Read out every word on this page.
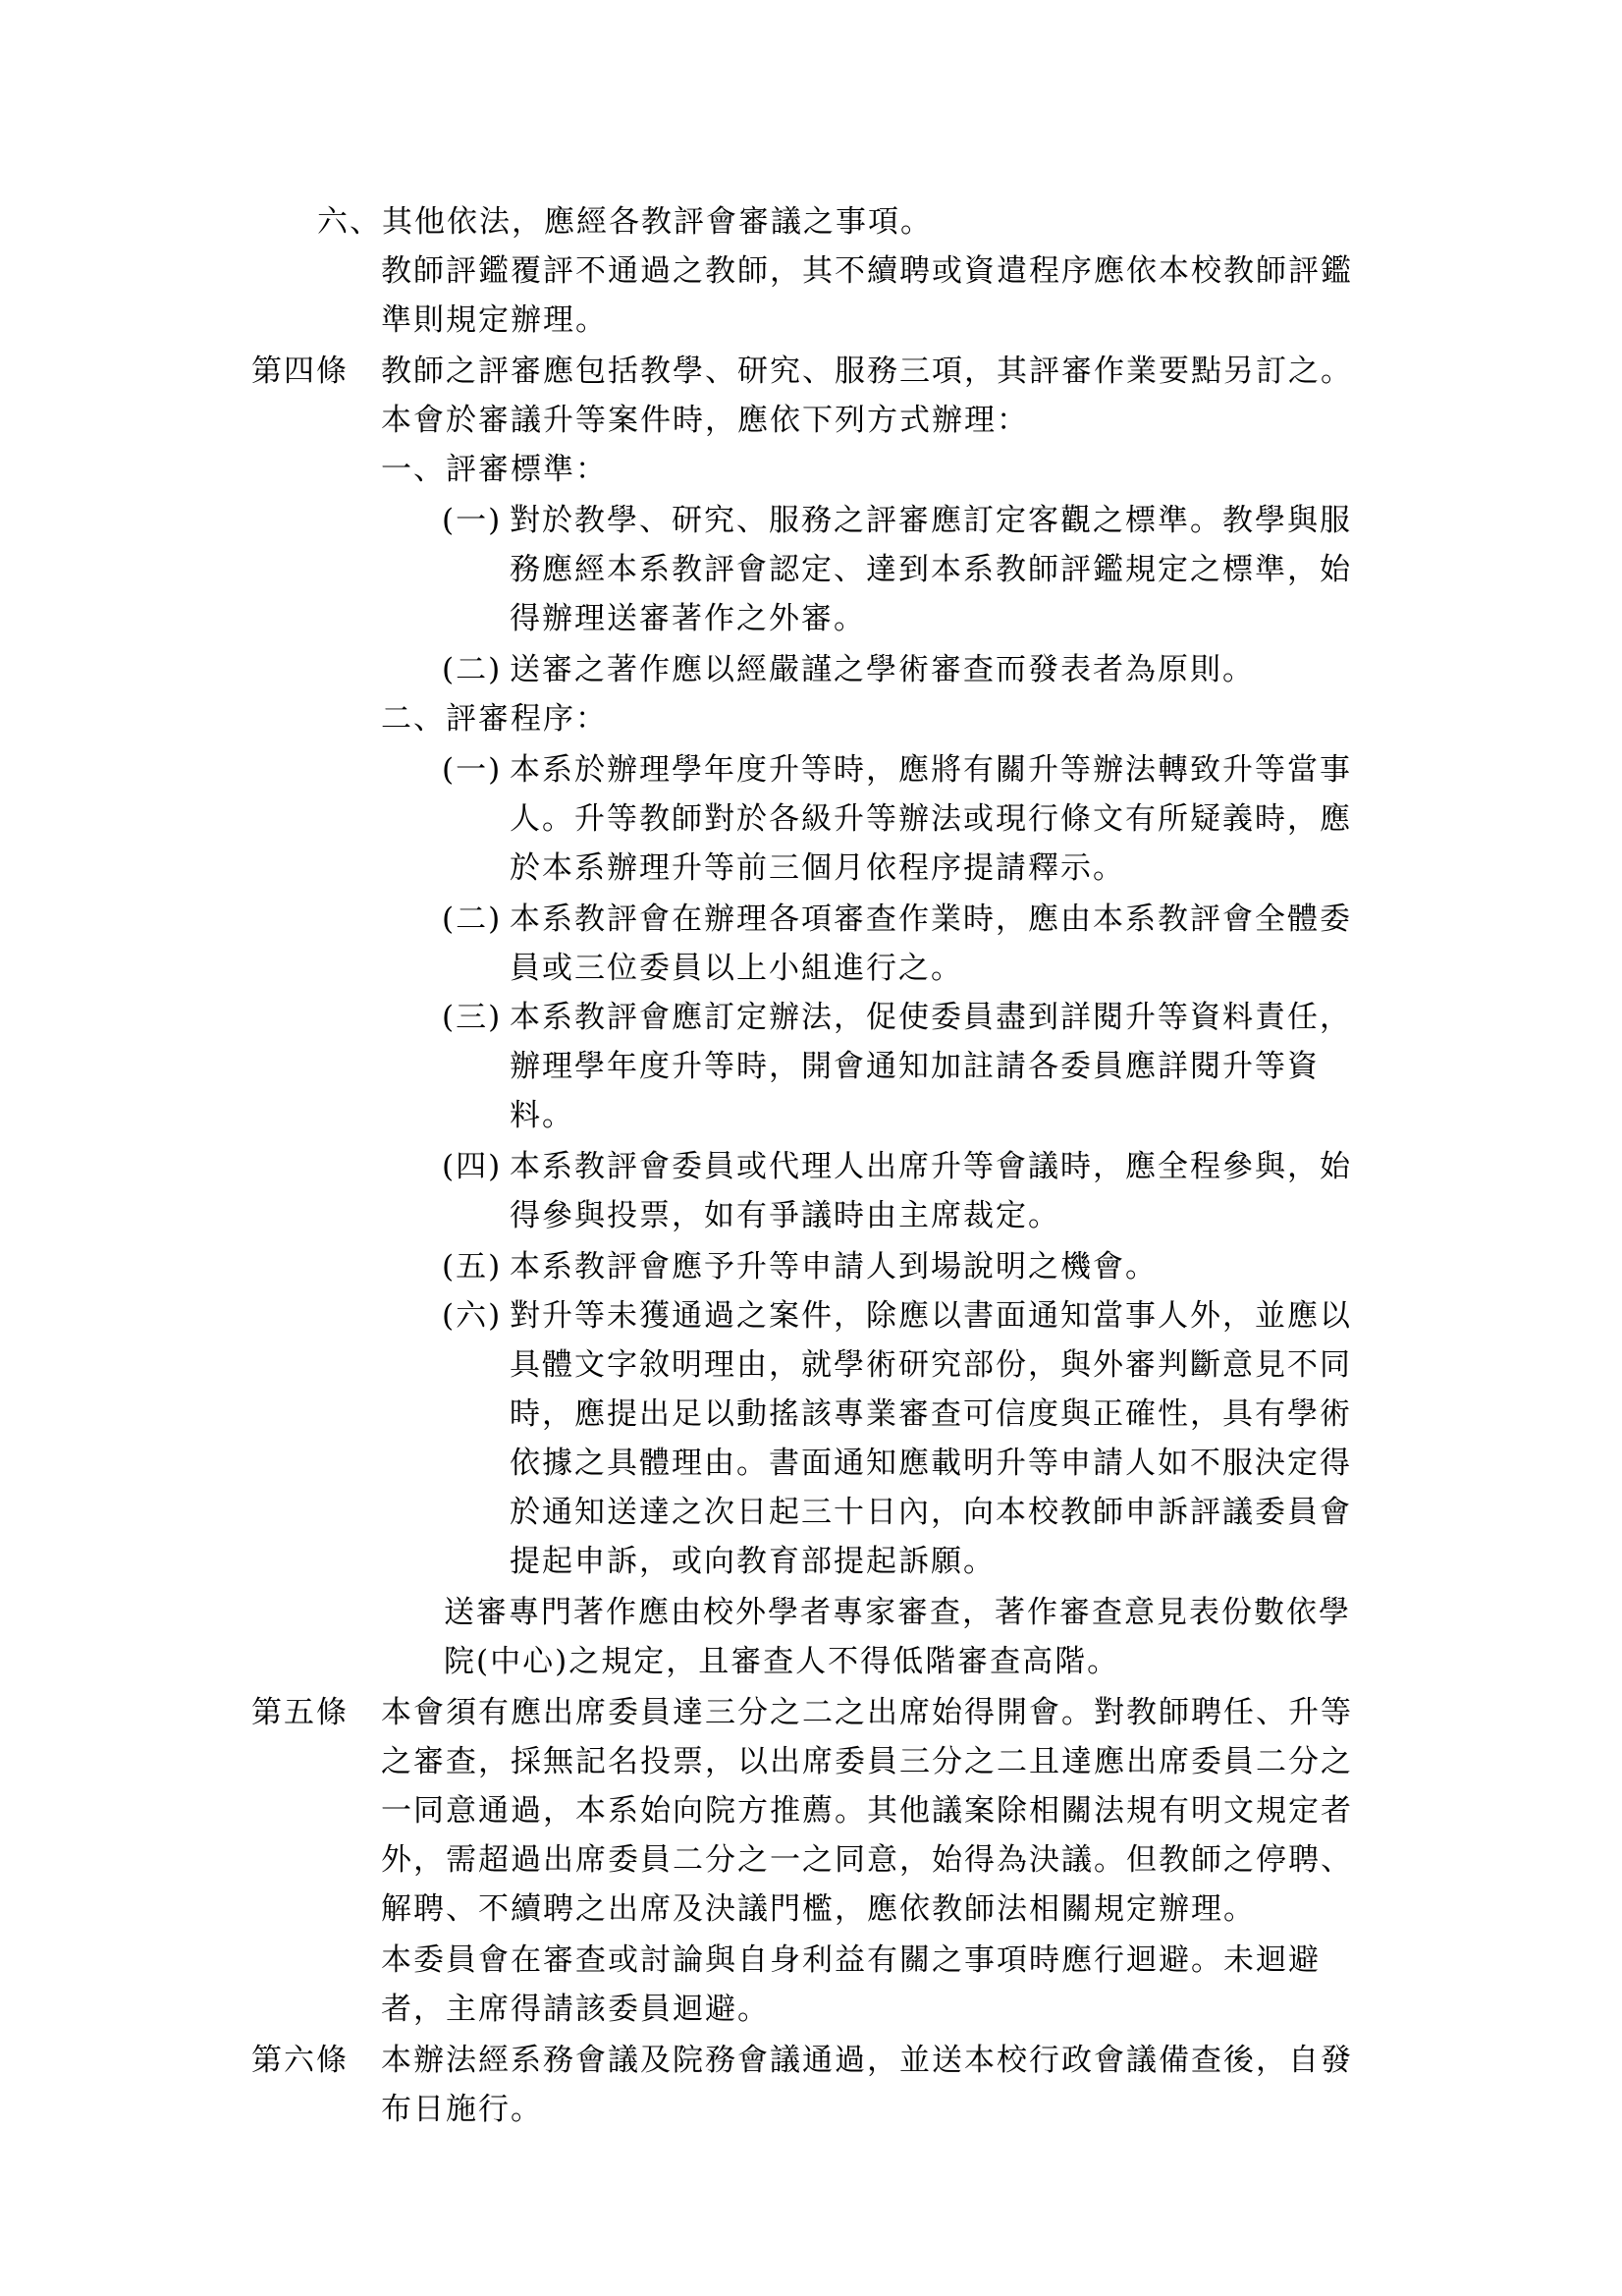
六、其他依法，應經各教評會審議之事項。
教師評鑑覆評不通過之教師，其不續聘或資遣程序應依本校教師評鑑
準則規定辦理。
第四條 教師之評審應包括教學、研究、服務三項，其評審作業要點另訂之。
本會於審議升等案件時，應依下列方式辦理：
一、評審標準：
(一) 對於教學、研究、服務之評審應訂定客觀之標準。教學與服
務應經本系教評會認定、達到本系教師評鑑規定之標準，始
得辦理送審著作之外審。
(二) 送審之著作應以經嚴謹之學術審查而發表者為原則。
二、評審程序：
(一) 本系於辦理學年度升等時，應將有關升等辦法轉致升等當事
人。升等教師對於各級升等辦法或現行條文有所疑義時，應
於本系辦理升等前三個月依程序提請釋示。
(二) 本系教評會在辦理各項審查作業時，應由本系教評會全體委
員或三位委員以上小組進行之。
(三) 本系教評會應訂定辦法，促使委員盡到詳閱升等資料責任，
辦理學年度升等時，開會通知加註請各委員應詳閱升等資
料。
(四) 本系教評會委員或代理人出席升等會議時，應全程參與，始
得參與投票，如有爭議時由主席裁定。
(五) 本系教評會應予升等申請人到場說明之機會。
(六) 對升等未獲通過之案件，除應以書面通知當事人外，並應以
具體文字敘明理由，就學術研究部份，與外審判斷意見不同
時，應提出足以動搖該專業審查可信度與正確性，具有學術
依據之具體理由。書面通知應載明升等申請人如不服決定得
於通知送達之次日起三十日內，向本校教師申訴評議委員會
提起申訴，或向教育部提起訴願。
送審專門著作應由校外學者專家審查，著作審查意見表份數依學
院(中心)之規定，且審查人不得低階審查高階。
第五條 本會須有應出席委員達三分之二之出席始得開會。對教師聘任、升等
之審查，採無記名投票，以出席委員三分之二且達應出席委員二分之
一同意通過，本系始向院方推薦。其他議案除相關法規有明文規定者
外，需超過出席委員二分之一之同意，始得為決議。但教師之停聘、
解聘、不續聘之出席及決議門檻，應依教師法相關規定辦理。
本委員會在審查或討論與自身利益有關之事項時應行迴避。未迴避
者，主席得請該委員迴避。
第六條 本辦法經系務會議及院務會議通過，並送本校行政會議備查後，自發
布日施行。
